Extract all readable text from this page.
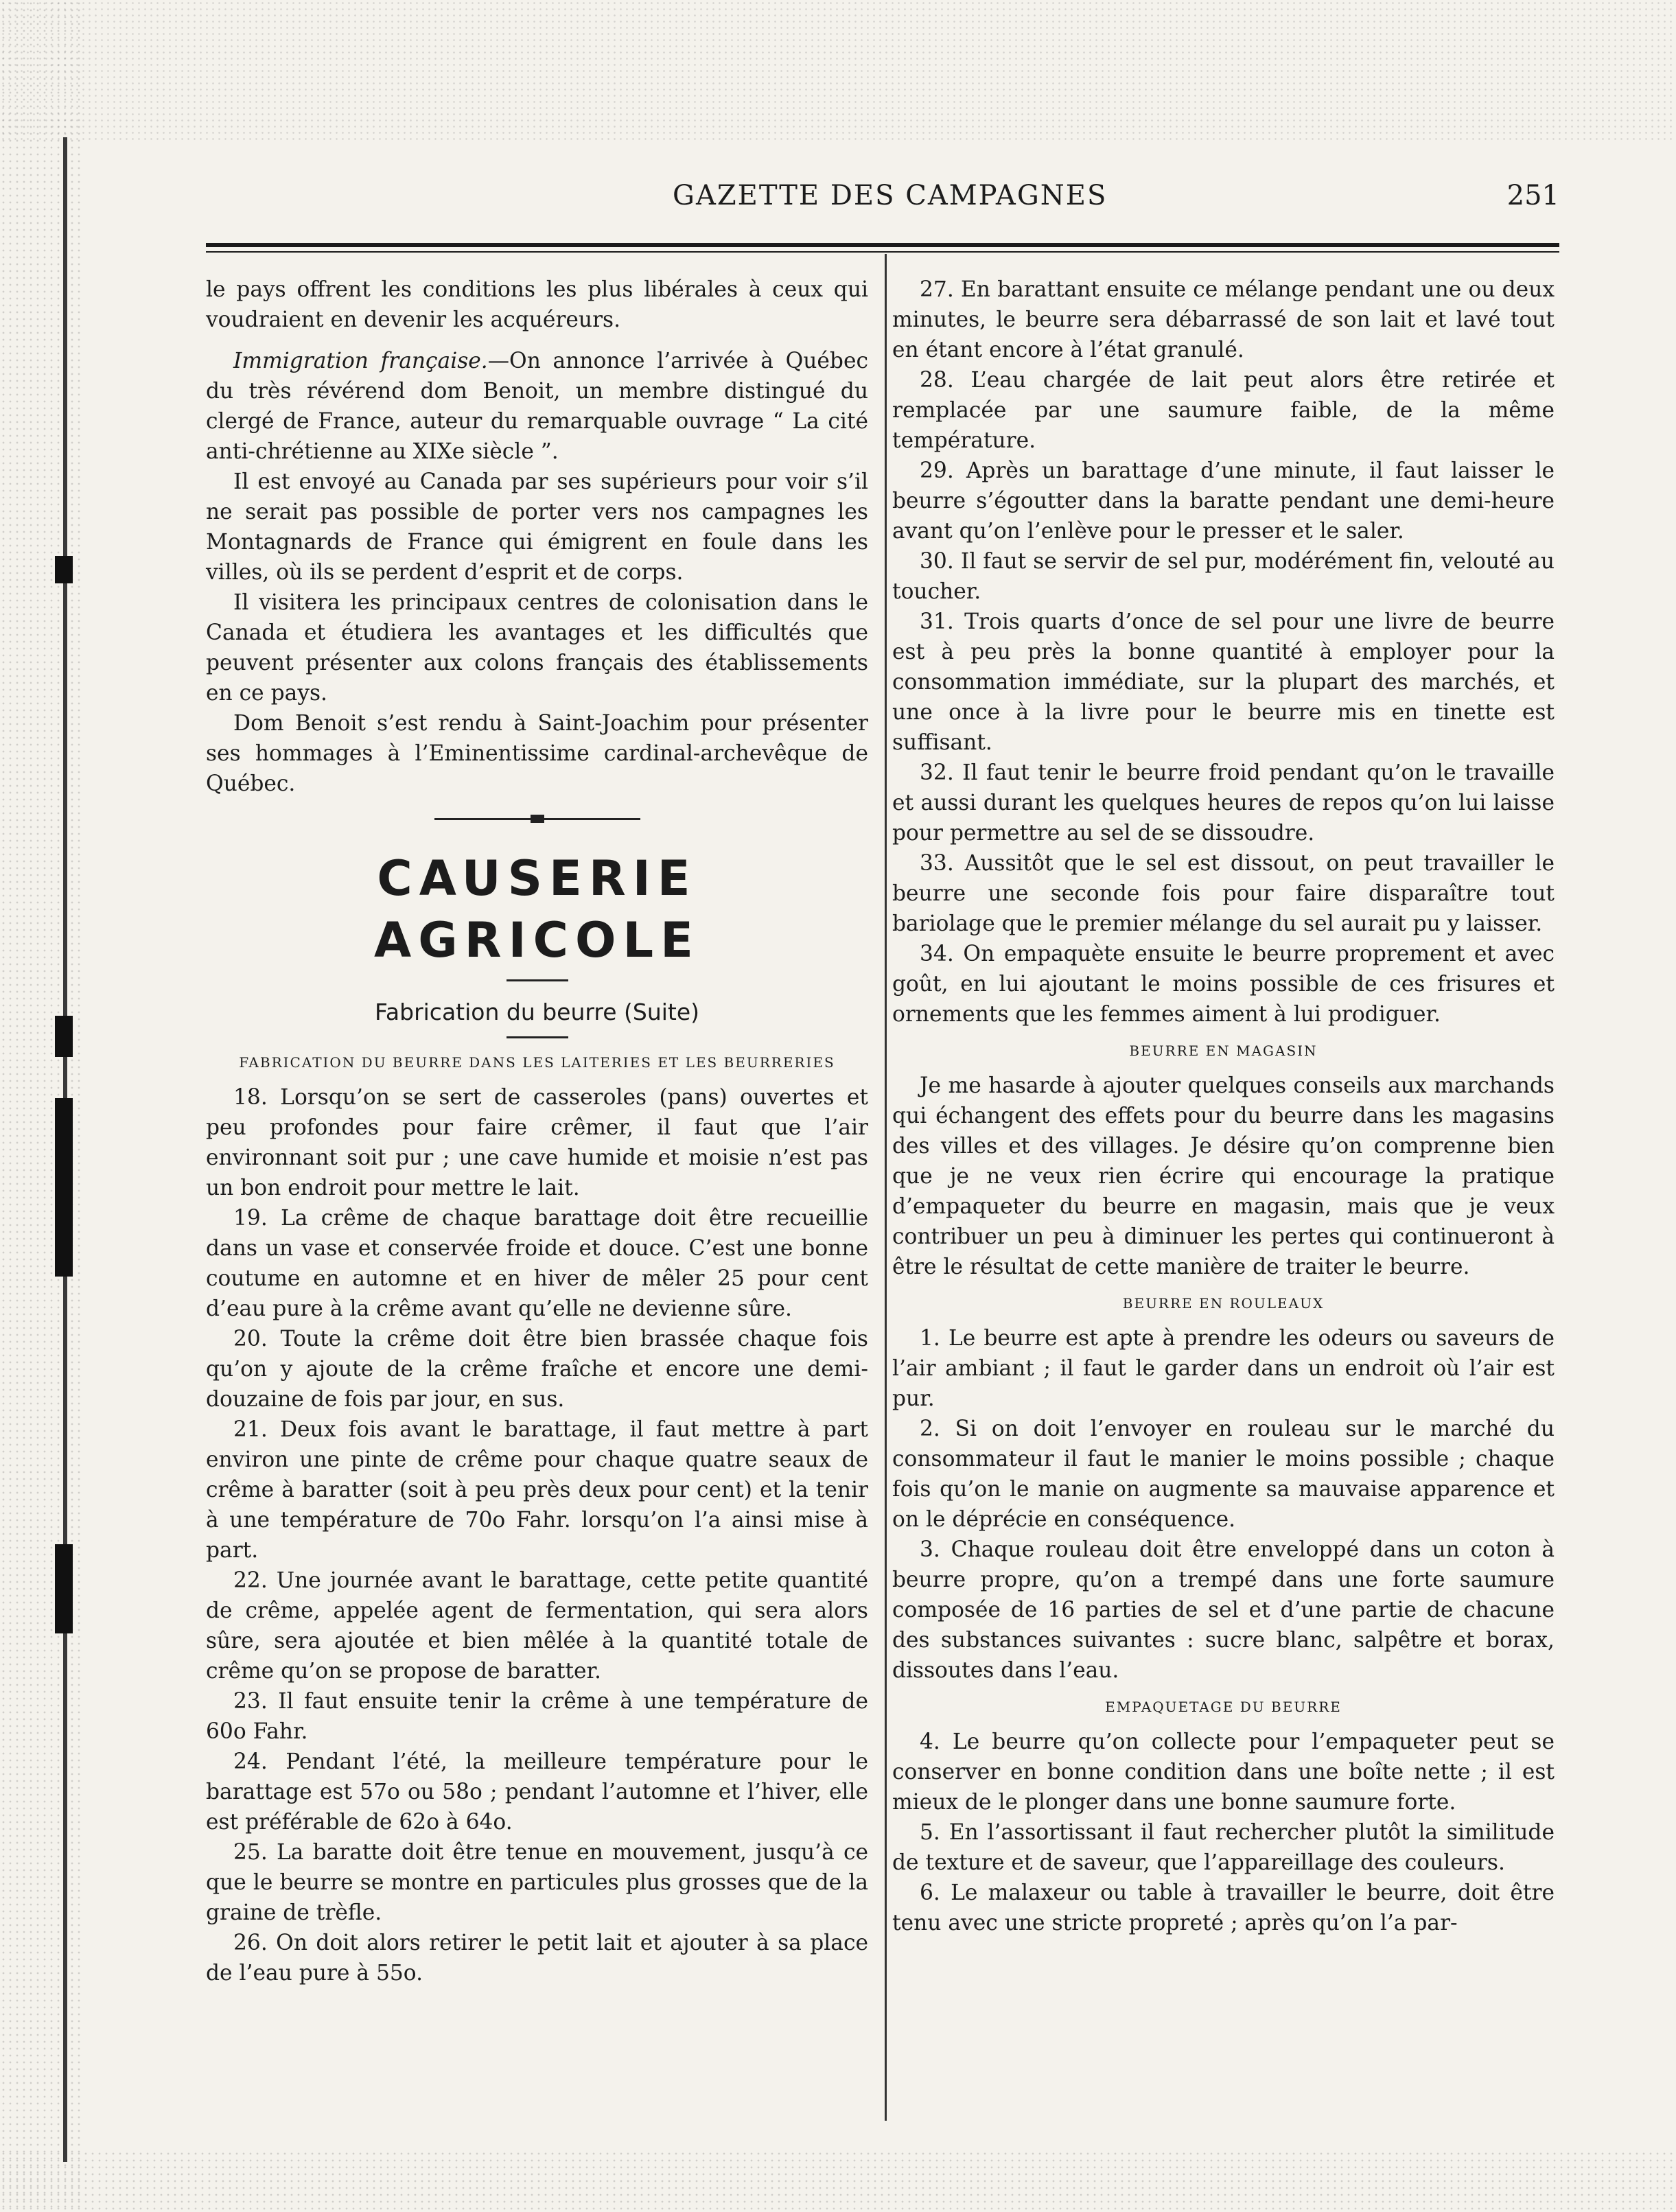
GAZETTE DES CAMPAGNES	251

le pays offrent les conditions les plus libérales à ceux qui voudraient en devenir les acquéreurs.

Immigration française.—On annonce l’arrivée à Québec du très révérend dom Benoit, un membre distingué du clergé de France, auteur du remarquable ouvrage “ La cité anti-chrétienne au XIXe siècle ”.

Il est envoyé au Canada par ses supérieurs pour voir s’il ne serait pas possible de porter vers nos campagnes les Montagnards de France qui émigrent en foule dans les villes, où ils se perdent d’esprit et de corps.

Il visitera les principaux centres de colonisation dans le Canada et étudiera les avantages et les difficultés que peuvent présenter aux colons français des établissements en ce pays.

Dom Benoit s’est rendu à Saint-Joachim pour présenter ses hommages à l’Eminentissime cardinal-archevêque de Québec.

CAUSERIE AGRICOLE
Fabrication du beurre (Suite)
FABRICATION DU BEURRE DANS LES LAITERIES ET LES BEURRERIES

18. Lorsqu’on se sert de casseroles (pans) ouvertes et peu profondes pour faire crêmer, il faut que l’air environnant soit pur ; une cave humide et moisie n’est pas un bon endroit pour mettre le lait.

19. La crême de chaque barattage doit être recueillie dans un vase et conservée froide et douce. C’est une bonne coutume en automne et en hiver de mêler 25 pour cent d’eau pure à la crême avant qu’elle ne devienne sûre.

20. Toute la crême doit être bien brassée chaque fois qu’on y ajoute de la crême fraîche et encore une demi-douzaine de fois par jour, en sus.

21. Deux fois avant le barattage, il faut mettre à part environ une pinte de crême pour chaque quatre seaux de crême à baratter (soit à peu près deux pour cent) et la tenir à une température de 70o Fahr. lorsqu’on l’a ainsi mise à part.

22. Une journée avant le barattage, cette petite quantité de crême, appelée agent de fermentation, qui sera alors sûre, sera ajoutée et bien mêlée à la quantité totale de crême qu’on se propose de baratter.

23. Il faut ensuite tenir la crême à une température de 60o Fahr.

24. Pendant l’été, la meilleure température pour le barattage est 57o ou 58o ; pendant l’automne et l’hiver, elle est préférable de 62o à 64o.

25. La baratte doit être tenue en mouvement, jusqu’à ce que le beurre se montre en particules plus grosses que de la graine de trèfle.

26. On doit alors retirer le petit lait et ajouter à sa place de l’eau pure à 55o.

27. En barattant ensuite ce mélange pendant une ou deux minutes, le beurre sera débarrassé de son lait et lavé tout en étant encore à l’état granulé.

28. L’eau chargée de lait peut alors être retirée et remplacée par une saumure faible, de la même température.

29. Après un barattage d’une minute, il faut laisser le beurre s’égoutter dans la baratte pendant une demi-heure avant qu’on l’enlève pour le presser et le saler.

30. Il faut se servir de sel pur, modérément fin, velouté au toucher.

31. Trois quarts d’once de sel pour une livre de beurre est à peu près la bonne quantité à employer pour la consommation immédiate, sur la plupart des marchés, et une once à la livre pour le beurre mis en tinette est suffisant.

32. Il faut tenir le beurre froid pendant qu’on le travaille et aussi durant les quelques heures de repos qu’on lui laisse pour permettre au sel de se dissoudre.

33. Aussitôt que le sel est dissout, on peut travailler le beurre une seconde fois pour faire disparaître tout bariolage que le premier mélange du sel aurait pu y laisser.

34. On empaquète ensuite le beurre proprement et avec goût, en lui ajoutant le moins possible de ces frisures et ornements que les femmes aiment à lui prodiguer.

BEURRE EN MAGASIN

Je me hasarde à ajouter quelques conseils aux marchands qui échangent des effets pour du beurre dans les magasins des villes et des villages. Je désire qu’on comprenne bien que je ne veux rien écrire qui encourage la pratique d’empaqueter du beurre en magasin, mais que je veux contribuer un peu à diminuer les pertes qui continueront à être le résultat de cette manière de traiter le beurre.

BEURRE EN ROULEAUX

1. Le beurre est apte à prendre les odeurs ou saveurs de l’air ambiant ; il faut le garder dans un endroit où l’air est pur.

2. Si on doit l’envoyer en rouleau sur le marché du consommateur il faut le manier le moins possible ; chaque fois qu’on le manie on augmente sa mauvaise apparence et on le déprécie en conséquence.

3. Chaque rouleau doit être enveloppé dans un coton à beurre propre, qu’on a trempé dans une forte saumure composée de 16 parties de sel et d’une partie de chacune des substances suivantes : sucre blanc, salpêtre et borax, dissoutes dans l’eau.

EMPAQUETAGE DU BEURRE

4. Le beurre qu’on collecte pour l’empaqueter peut se conserver en bonne condition dans une boîte nette ; il est mieux de le plonger dans une bonne saumure forte.

5. En l’assortissant il faut rechercher plutôt la similitude de texture et de saveur, que l’appareillage des couleurs.

6. Le malaxeur ou table à travailler le beurre, doit être tenu avec une stricte propreté ; après qu’on l’a par-
